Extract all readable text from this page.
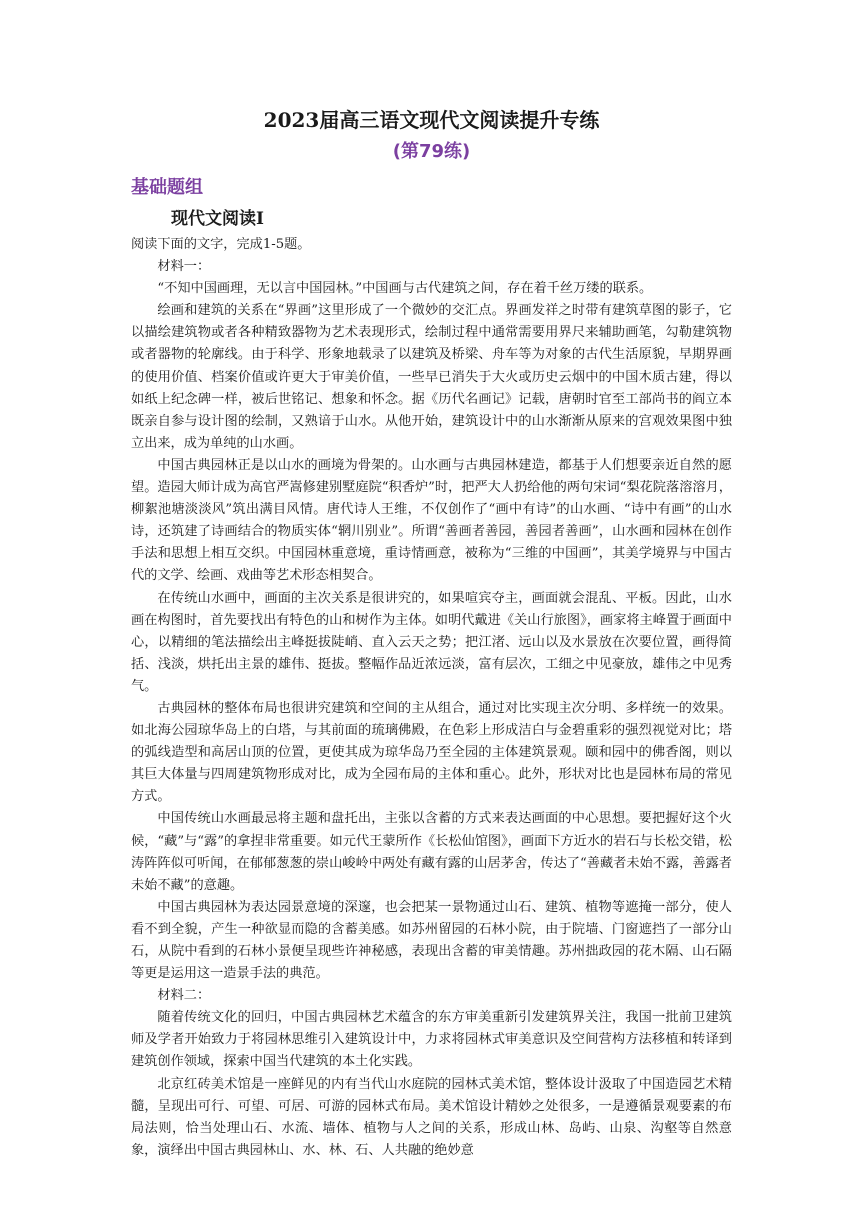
2023届高三语文现代文阅读提升专练
(第79练)
基础题组
现代文阅读Ⅰ

阅读下面的文字，完成1-5题。

材料一：

“不知中国画理，无以言中国园林。”中国画与古代建筑之间，存在着千丝万缕的联系。

绘画和建筑的关系在“界画”这里形成了一个微妙的交汇点。界画发祥之时带有建筑草图的影子，它以描绘建筑物或者各种精致器物为艺术表现形式，绘制过程中通常需要用界尺来辅助画笔，勾勒建筑物或者器物的轮廓线。由于科学、形象地载录了以建筑及桥梁、舟车等为对象的古代生活原貌，早期界画的使用价值、档案价值或许更大于审美价值，一些早已消失于大火或历史云烟中的中国木质古建，得以如纸上纪念碑一样，被后世铭记、想象和怀念。据《历代名画记》记载，唐朝时官至工部尚书的阎立本既亲自参与设计图的绘制，又熟谙于山水。从他开始，建筑设计中的山水渐渐从原来的宫观效果图中独立出来，成为单纯的山水画。

中国古典园林正是以山水的画境为骨架的。山水画与古典园林建造，都基于人们想要亲近自然的愿望。造园大师计成为高官严嵩修建别墅庭院“积香炉”时，把严大人扔给他的两句宋词“梨花院落溶溶月，柳絮池塘淡淡风”筑出满目风情。唐代诗人王维，不仅创作了“画中有诗”的山水画、“诗中有画”的山水诗，还筑建了诗画结合的物质实体“辋川别业”。所谓“善画者善园，善园者善画”，山水画和园林在创作手法和思想上相互交织。中国园林重意境，重诗情画意，被称为“三维的中国画”，其美学境界与中国古代的文学、绘画、戏曲等艺术形态相契合。

在传统山水画中，画面的主次关系是很讲究的，如果喧宾夺主，画面就会混乱、平板。因此，山水画在构图时，首先要找出有特色的山和树作为主体。如明代戴进《关山行旅图》，画家将主峰置于画面中心，以精细的笔法描绘出主峰挺拔陡峭、直入云天之势；把江渚、远山以及水景放在次要位置，画得简括、浅淡，烘托出主景的雄伟、挺拔。整幅作品近浓远淡，富有层次，工细之中见豪放，雄伟之中见秀气。

古典园林的整体布局也很讲究建筑和空间的主从组合，通过对比实现主次分明、多样统一的效果。如北海公园琼华岛上的白塔，与其前面的琉璃佛殿，在色彩上形成洁白与金碧重彩的强烈视觉对比；塔的弧线造型和高居山顶的位置，更使其成为琼华岛乃至全园的主体建筑景观。颐和园中的佛香阁，则以其巨大体量与四周建筑物形成对比，成为全园布局的主体和重心。此外，形状对比也是园林布局的常见方式。

中国传统山水画最忌将主题和盘托出，主张以含蓄的方式来表达画面的中心思想。要把握好这个火候，“藏”与“露”的拿捏非常重要。如元代王蒙所作《长松仙馆图》，画面下方近水的岩石与长松交错，松涛阵阵似可听闻，在郁郁葱葱的崇山峻岭中两处有藏有露的山居茅舍，传达了“善藏者未始不露，善露者未始不藏”的意趣。

中国古典园林为表达园景意境的深邃，也会把某一景物通过山石、建筑、植物等遮掩一部分，使人看不到全貌，产生一种欲显而隐的含蓄美感。如苏州留园的石林小院，由于院墙、门窗遮挡了一部分山石，从院中看到的石林小景便呈现些许神秘感，表现出含蓄的审美情趣。苏州拙政园的花木隔、山石隔等更是运用这一造景手法的典范。

材料二：

随着传统文化的回归，中国古典园林艺术蕴含的东方审美重新引发建筑界关注，我国一批前卫建筑师及学者开始致力于将园林思维引入建筑设计中，力求将园林式审美意识及空间营构方法移植和转译到建筑创作领域，探索中国当代建筑的本土化实践。

北京红砖美术馆是一座鲜见的内有当代山水庭院的园林式美术馆，整体设计汲取了中国造园艺术精髓，呈现出可行、可望、可居、可游的园林式布局。美术馆设计精妙之处很多，一是遵循景观要素的布局法则，恰当处理山石、水流、墙体、植物与人之间的关系，形成山林、岛屿、山泉、沟壑等自然意象，演绎出中国古典园林山、水、林、石、人共融的绝妙意
